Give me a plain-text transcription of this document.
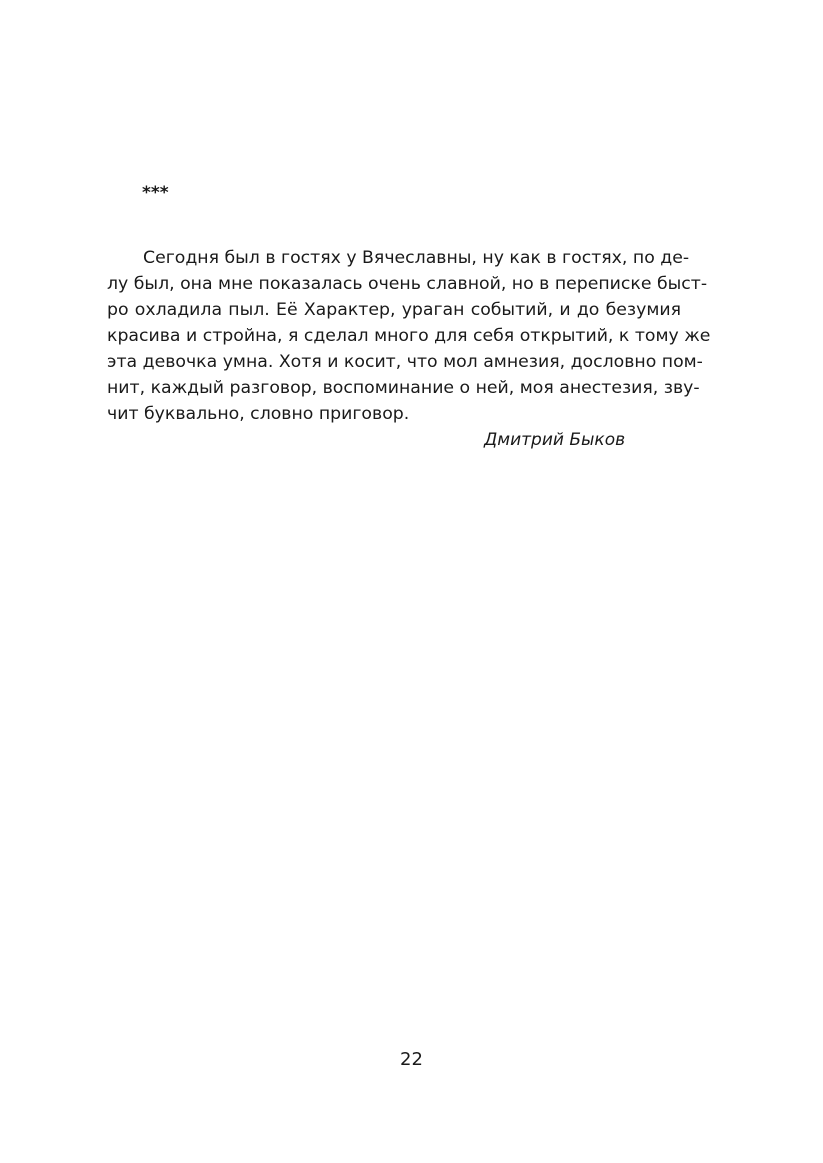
***
Сегодня был в гостях у Вячеславны, ну как в гостях, по де-
лу был, она мне показалась очень славной, но в переписке быст-
ро охладила пыл. Её Характер, ураган событий, и до безумия
красива и стройна, я сделал много для себя открытий, к тому же
эта девочка умна. Хотя и косит, что мол амнезия, дословно пом-
нит, каждый разговор, воспоминание о ней, моя анестезия, зву-
чит буквально, словно приговор.
Дмитрий Быков
22
